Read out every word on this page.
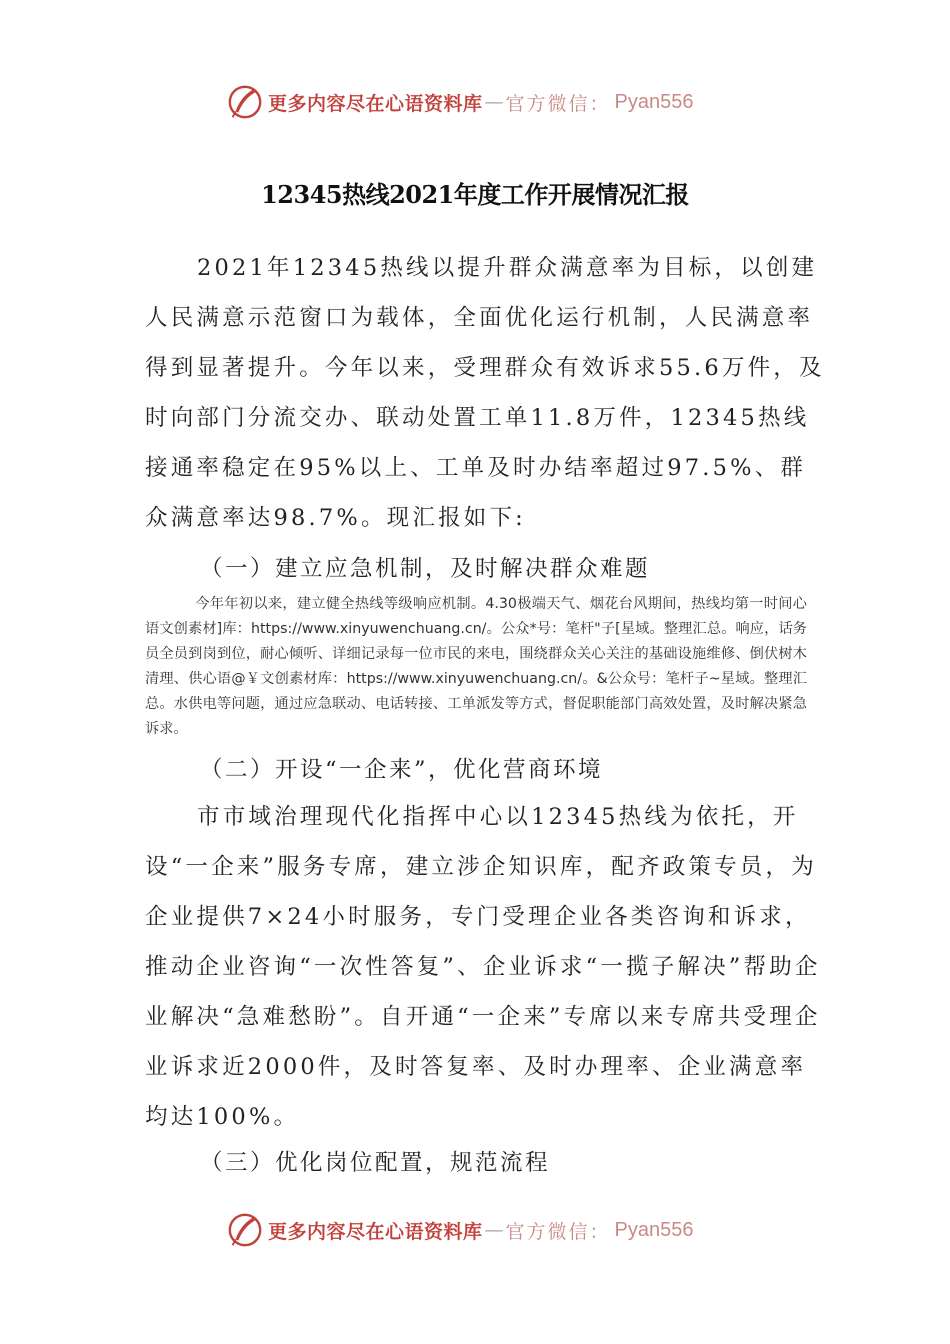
更多内容尽在心语资料库 — 官方微信： Pyan556
12345热线2021年度工作开展情况汇报
2021年12345热线以提升群众满意率为目标，以创建人民满意示范窗口为载体，全面优化运行机制，人民满意率得到显著提升。今年以来，受理群众有效诉求55.6万件，及时向部门分流交办、联动处置工单11.8万件，12345热线接通率稳定在95%以上、工单及时办结率超过97.5%、群众满意率达98.7%。现汇报如下:
（一）建立应急机制，及时解决群众难题
今年年初以来，建立健全热线等级响应机制。4.30极端天气、烟花台风期间，热线均第一时间心语文创素材]库：https://www.xinyuwenchuang.cn/。公众*号：笔杆"子[星域。整理汇总。响应，话务员全员到岗到位，耐心倾听、详细记录每一位市民的来电，围绕群众关心关注的基础设施维修、倒伏树木清理、供心语@￥文创素材库：https://www.xinyuwenchuang.cn/。&公众号：笔杆子~星域。整理汇总。水供电等问题，通过应急联动、电话转接、工单派发等方式，督促职能部门高效处置，及时解决紧急诉求。
（二）开设“一企来”，优化营商环境
市市域治理现代化指挥中心以12345热线为依托，开设“一企来”服务专席，建立涉企知识库，配齐政策专员，为企业提供7×24小时服务，专门受理企业各类咨询和诉求，推动企业咨询“一次性答复”、企业诉求“一揽子解决”帮助企业解决“急难愁盼”。自开通“一企来”专席以来专席共受理企业诉求近2000件，及时答复率、及时办理率、企业满意率均达100%。
（三）优化岗位配置，规范流程
更多内容尽在心语资料库 — 官方微信： Pyan556
